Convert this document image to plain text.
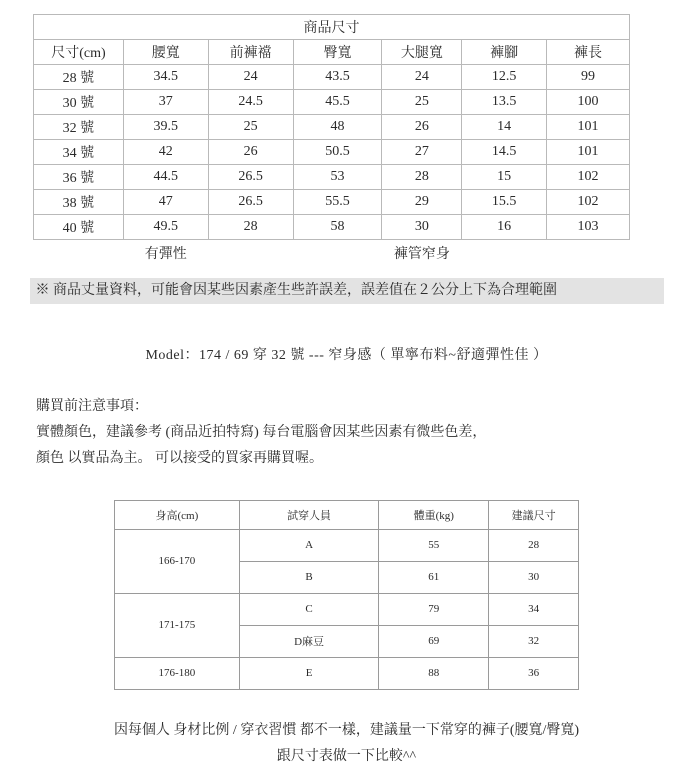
商品尺寸						
尺寸(cm)	腰寬	前褲襠	臀寬	大腿寬	褲腳	褲長
28 號	34.5	24	43.5	24	12.5	99
30 號	37	24.5	45.5	25	13.5	100
32 號	39.5	25	48	26	14	101
34 號	42	26	50.5	27	14.5	101
36 號	44.5	26.5	53	28	15	102
38 號	47	26.5	55.5	29	15.5	102
40 號	49.5	28	58	30	16	103
	有彈性			褲管窄身		
※ 商品丈量資料，可能會因某些因素產生些許誤差，誤差值在２公分上下為合理範圍

Model：174 / 69 穿 32 號 --- 窄身感（ 單寧布料~舒適彈性佳 ）

購買前注意事項：

實體顏色，建議參考 (商品近拍特寫) 每台電腦會因某些因素有微些色差，

顏色 以實品為主。 可以接受的買家再購買喔。

身高(cm)	試穿人員	體重(kg)	建議尺寸
166-170	A	55	28
	B	61	30
171-175	C	79	34
	D麻豆	69	32
176-180	E	88	36

因每個人 身材比例 / 穿衣習慣 都不一樣，建議量一下常穿的褲子(腰寬/臀寬)

跟尺寸表做一下比較^^
